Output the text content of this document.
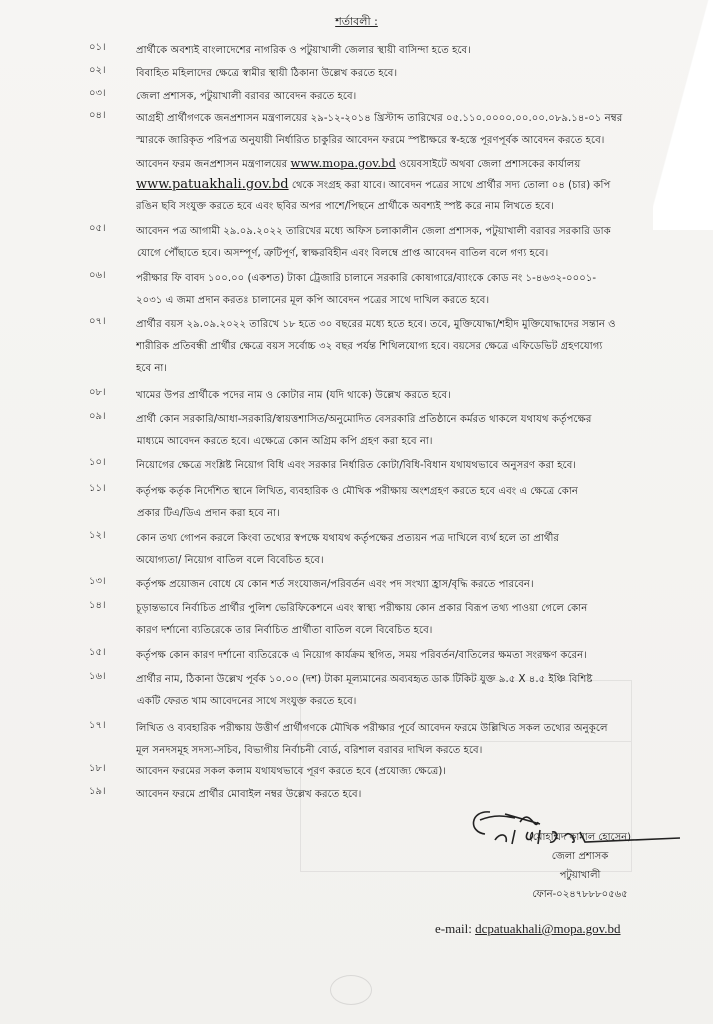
শর্তাবলী :
০১।	প্রার্থীকে অবশ্যই বাংলাদেশের নাগরিক ও পটুয়াখালী জেলার স্থায়ী বাসিন্দা হতে হবে।
০২।	বিবাহিত মহিলাদের ক্ষেত্রে স্বামীর স্থায়ী ঠিকানা উল্লেখ করতে হবে।
০৩।	জেলা প্রশাসক, পটুয়াখালী বরাবর আবেদন করতে হবে।
০৪।	আগ্রহী প্রার্থীগণকে জনপ্রশাসন মন্ত্রণালয়ের ২৯-১২-২০১৪ খ্রিস্টাব্দ তারিখের ০৫.১১০.০০০০.০০.০০.০৮৯.১৪-০১ নম্বর
স্মারকে জারিকৃত পরিপত্র অনুযায়ী নির্ধারিত চাকুরির আবেদন ফরমে স্পষ্টাক্ষরে স্ব-হস্তে পূরণপূর্বক আবেদন করতে হবে।
আবেদন ফরম জনপ্রশাসন মন্ত্রণালয়ের www.mopa.gov.bd ওয়েবসাইটে অথবা জেলা প্রশাসকের কার্যালয়
www.patuakhali.gov.bd থেকে সংগ্রহ করা যাবে। আবেদন পত্রের সাথে প্রার্থীর সদ্য তোলা ০৪ (চার) কপি
রঙিন ছবি সংযুক্ত করতে হবে এবং ছবির অপর পাশে/পিছনে প্রার্থীকে অবশ্যই স্পষ্ট করে নাম লিখতে হবে।
০৫।	আবেদন পত্র আগামী ২৯.০৯.২০২২ তারিখের মধ্যে অফিস চলাকালীন জেলা প্রশাসক, পটুয়াখালী বরাবর সরকারি ডাক
যোগে পৌঁছাতে হবে। অসম্পূর্ণ, ত্রুটিপূর্ণ, স্বাক্ষরবিহীন এবং বিলম্বে প্রাপ্ত আবেদন বাতিল বলে গণ্য হবে।
০৬।	পরীক্ষার ফি বাবদ ১০০.০০ (একশত) টাকা ট্রেজারি চালানে সরকারি কোষাগারে/ব্যাংকে কোড নং ১-৪৬৩২-০০০১-
২০৩১ এ জমা প্রদান করতঃ চালানের মূল কপি আবেদন পত্রের সাথে দাখিল করতে হবে।
০৭।	প্রার্থীর বয়স ২৯.০৯.২০২২ তারিখে ১৮ হতে ৩০ বছরের মধ্যে হতে হবে। তবে, মুক্তিযোদ্ধা/শহীদ মুক্তিযোদ্ধাদের সন্তান ও
শারীরিক প্রতিবন্ধী প্রার্থীর ক্ষেত্রে বয়স সর্বোচ্চ ৩২ বছর পর্যন্ত শিথিলযোগ্য হবে। বয়সের ক্ষেত্রে এফিডেভিট গ্রহণযোগ্য
হবে না।
০৮।	খামের উপর প্রার্থীকে পদের নাম ও কোটার নাম (যদি থাকে) উল্লেখ করতে হবে।
০৯।	প্রার্থী কোন সরকারি/আধা-সরকারি/স্বায়ত্তশাসিত/অনুমোদিত বেসরকারি প্রতিষ্ঠানে কর্মরত থাকলে যথাযথ কর্তৃপক্ষের
মাধ্যমে আবেদন করতে হবে। এক্ষেত্রে কোন অগ্রিম কপি গ্রহণ করা হবে না।
১০।	নিয়োগের ক্ষেত্রে সংশ্লিষ্ট নিয়োগ বিধি এবং সরকার নির্ধারিত কোটা/বিধি-বিধান যথাযথভাবে অনুসরণ করা হবে।
১১।	কর্তৃপক্ষ কর্তৃক নির্দেশিত স্থানে লিখিত, ব্যবহারিক ও মৌখিক পরীক্ষায় অংশগ্রহণ করতে হবে এবং এ ক্ষেত্রে কোন
প্রকার টিএ/ডিএ প্রদান করা হবে না।
১২।	কোন তথ্য গোপন করলে কিংবা তথ্যের স্বপক্ষে যথাযথ কর্তৃপক্ষের প্রত্যয়ন পত্র দাখিলে ব্যর্থ হলে তা প্রার্থীর
অযোগ্যতা/ নিয়োগ বাতিল বলে বিবেচিত হবে।
১৩।	কর্তৃপক্ষ প্রয়োজন বোধে যে কোন শর্ত সংযোজন/পরিবর্তন এবং পদ সংখ্যা হ্রাস/বৃদ্ধি করতে পারবেন।
১৪।	চূড়ান্তভাবে নির্বাচিত প্রার্থীর পুলিশ ভেরিফিকেশনে এবং স্বাস্থ্য পরীক্ষায় কোন প্রকার বিরূপ তথ্য পাওয়া গেলে কোন
কারণ দর্শানো ব্যতিরেকে তার নির্বাচিত প্রার্থীতা বাতিল বলে বিবেচিত হবে।
১৫।	কর্তৃপক্ষ কোন কারণ দর্শানো ব্যতিরেকে এ নিয়োগ কার্যক্রম স্থগিত, সময় পরিবর্তন/বাতিলের ক্ষমতা সংরক্ষণ করেন।
১৬।	প্রার্থীর নাম, ঠিকানা উল্লেখ পূর্বক ১০.০০ (দশ) টাকা মূল্যমানের অব্যবহৃত ডাক টিকিট যুক্ত ৯.৫ X ৪.৫ ইঞ্চি বিশিষ্ট
একটি ফেরত খাম আবেদনের সাথে সংযুক্ত করতে হবে।
১৭।	লিখিত ও ব্যবহারিক পরীক্ষায় উত্তীর্ণ প্রার্থীগণকে মৌখিক পরীক্ষার পূর্বে আবেদন ফরমে উল্লিখিত সকল তথ্যের অনুকূলে
মূল সনদসমূহ সদস্য-সচিব, বিভাগীয় নির্বাচনী বোর্ড, বরিশাল বরাবর দাখিল করতে হবে।
১৮।	আবেদন ফরমের সকল কলাম যথাযথভাবে পূরণ করতে হবে (প্রযোজ্য ক্ষেত্রে)।
১৯।	আবেদন ফরমে প্রার্থীর মোবাইল নম্বর উল্লেখ করতে হবে।
(মোহাম্মদ কামাল হোসেন)
জেলা প্রশাসক
পটুয়াখালী
ফোন-০২৪৭৮৮৮০৫৬৫
e-mail: dcpatuakhali@mopa.gov.bd
